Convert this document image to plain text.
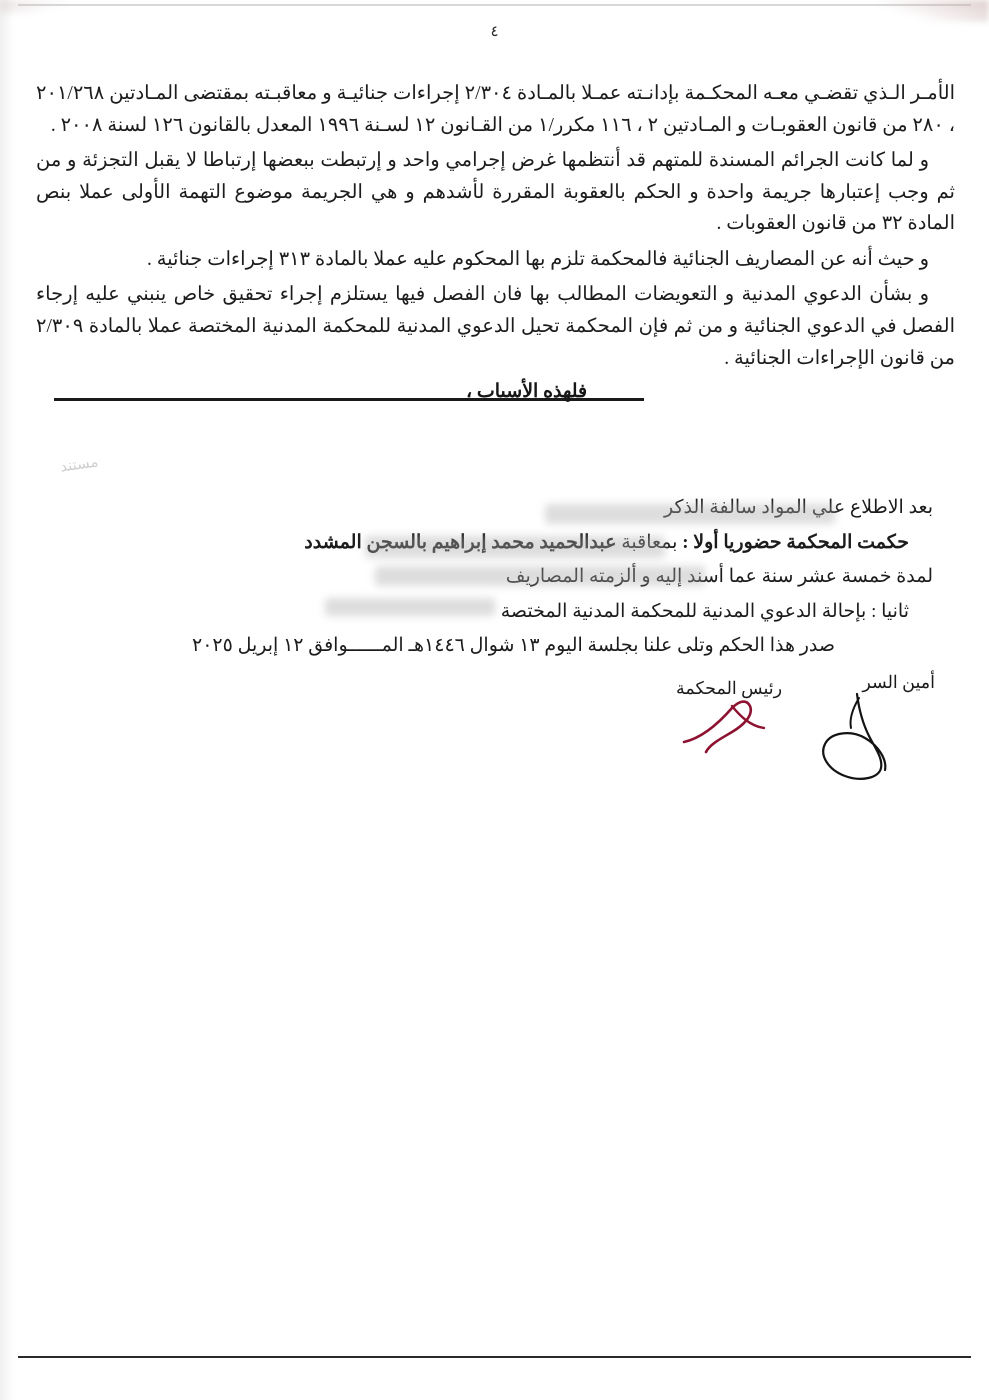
٤

الأمـر الـذي تقضـي معـه المحكـمة بإدانـته عمـلا بالمـادة ٢/٣٠٤ إجراءات جنائيـة و معاقبـته بمقتضى المـادتين ٢٠١/٢٦٨ ، ٢٨٠ من قانون العقوبـات و المـادتين ٢ ، ١١٦ مكرر/١ من القـانون ١٢ لسـنة ١٩٩٦ المعدل بالقانون ١٢٦ لسنة ٢٠٠٨ .

و لما كانت الجرائم المسندة للمتهم قد أنتظمها غرض إجرامي واحد و إرتبطت ببعضها إرتباطا لا يقبل التجزئة و من ثم وجب إعتبارها جريمة واحدة و الحكم بالعقوبة المقررة لأشدهم و هي الجريمة موضوع التهمة الأولى عملا بنص المادة ٣٢ من قانون العقوبات .

و حيث أنه عن المصاريف الجنائية فالمحكمة تلزم بها المحكوم عليه عملا بالمادة ٣١٣ إجراءات جنائية .

و بشأن الدعوي المدنية و التعويضات المطالب بها فان الفصل فيها يستلزم إجراء تحقيق خاص ينبني عليه إرجاء الفصل في الدعوي الجنائية و من ثم فإن المحكمة تحيل الدعوي المدنية للمحكمة المدنية المختصة عملا بالمادة ٢/٣٠٩ من قانون الإجراءات الجنائية .

فلهذه الأسباب ،
مستند

بعد الاطلاع علي المواد سالفة الذكر

حكمت المحكمة حضوريا أولا : بمعاقبة عبدالحميد محمد إبراهيم بالسجن المشدد

لمدة خمسة عشر سنة عما أسند إليه و ألزمته المصاريف

ثانيا : بإحالة الدعوي المدنية للمحكمة المدنية المختصة

صدر هذا الحكم وتلى علنا بجلسة اليوم ١٣ شوال ١٤٤٦هـ المــــــوافق ١٢ إبريل ٢٠٢٥

أمين السر
رئيس المحكمة
